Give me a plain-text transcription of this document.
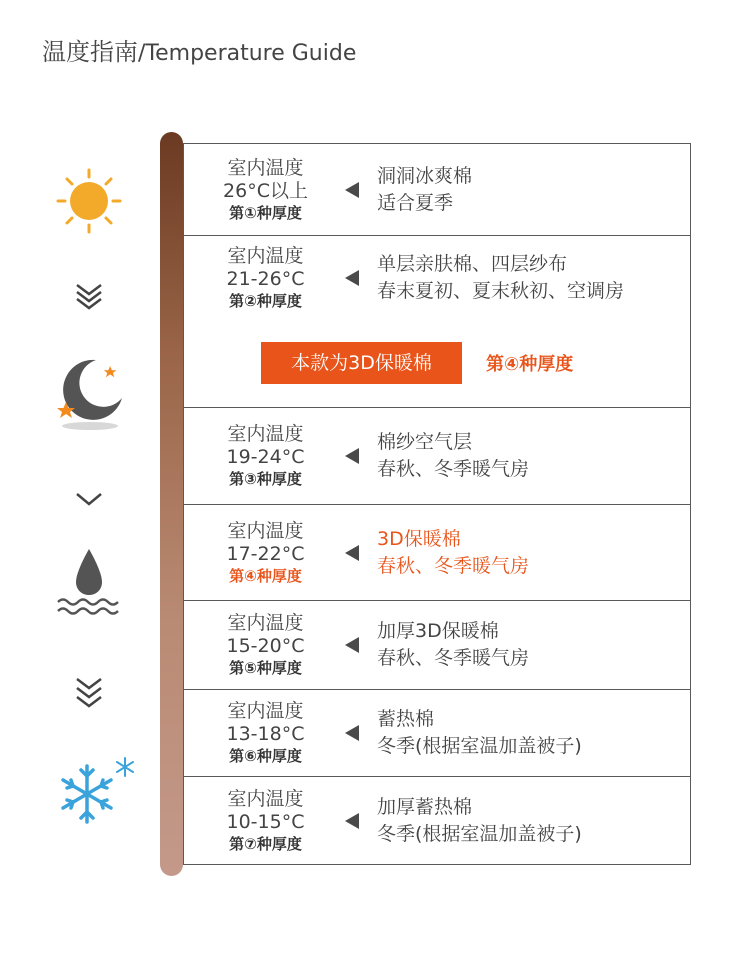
温度指南/Temperature Guide
室内温度
26°C以上
第①种厚度
洞洞冰爽棉
适合夏季
室内温度
21-26°C
第②种厚度
单层亲肤棉、四层纱布
春末夏初、夏末秋初、空调房
本款为3D保暖棉	第④种厚度
室内温度
19-24°C
第③种厚度
棉纱空气层
春秋、冬季暖气房
室内温度
17-22°C
第④种厚度
3D保暖棉
春秋、冬季暖气房
室内温度
15-20°C
第⑤种厚度
加厚3D保暖棉
春秋、冬季暖气房
室内温度
13-18°C
第⑥种厚度
蓄热棉
冬季(根据室温加盖被子)
室内温度
10-15°C
第⑦种厚度
加厚蓄热棉
冬季(根据室温加盖被子)
